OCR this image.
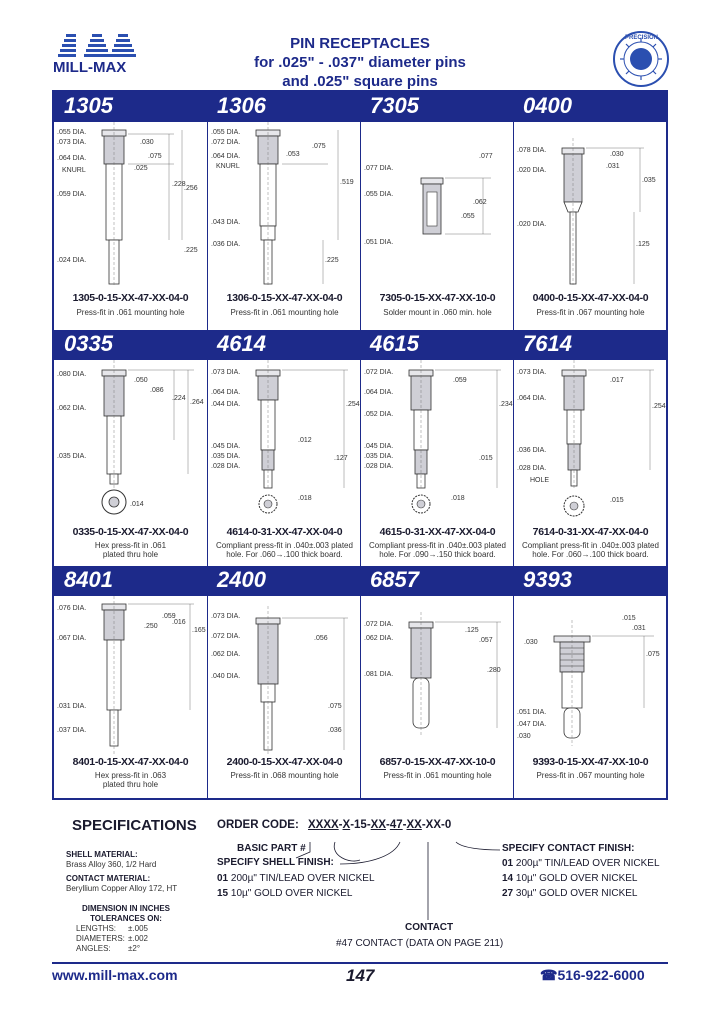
MILL-MAX
PIN RECEPTACLES
for .025" - .037" diameter pins
and .025" square pins
PRECISION
1305	1306	7305	0400
.055 DIA.
.073 DIA.
.064 DIA.
KNURL
.059 DIA.
.024 DIA.
.030
.025
.075
.228
.256
.225
1305-0-15-XX-47-XX-04-0
Press-fit in .061 mounting hole
.055 DIA.
.072 DIA.
.064 DIA.
KNURL
.053
.075
.519
.043 DIA.
.036 DIA.
.225
1306-0-15-XX-47-XX-04-0
Press-fit in .061 mounting hole
.077
.077 DIA.
.062
.055 DIA.
.051 DIA.
.055
7305-0-15-XX-47-XX-10-0
Solder mount in .060 min. hole
.078 DIA.
.020 DIA.
.030
.031
.035
.020 DIA.
.125
0400-0-15-XX-47-XX-04-0
Press-fit in .067 mounting hole
0335	4614	4615	7614
.080 DIA.
.062 DIA.
.035 DIA.
.050
.086
.224
.264
.014
0335-0-15-XX-47-XX-04-0
Hex press-fit in .061
plated thru hole
.073 DIA.
.064 DIA.
.044 DIA.
.045 DIA.
.035 DIA.
.028 DIA.
.254
.012
.127
.018
4614-0-31-XX-47-XX-04-0
Compliant press-fit in .040±.003 plated
hole. For .060→.100 thick board.
.072 DIA.
.064 DIA.
.052 DIA.
.045 DIA.
.035 DIA.
.028 DIA.
.059
.234
.015
.018
4615-0-31-XX-47-XX-04-0
Compliant press-fit in .040±.003 plated
hole. For .090→.150 thick board.
.073 DIA.
.064 DIA.
.036 DIA.
.028 DIA.
HOLE
.017
.254
.015
7614-0-31-XX-47-XX-04-0
Compliant press-fit in .040±.003 plated
hole. For .060→.100 thick board.
8401	2400	6857	9393
.076 DIA.
.067 DIA.
.031 DIA.
.037 DIA.
.059
.250
.165
.016
8401-0-15-XX-47-XX-04-0
Hex press-fit in .063
plated thru hole
.073 DIA.
.072 DIA.
.062 DIA.
.040 DIA.
.056
.075
.036
2400-0-15-XX-47-XX-04-0
Press-fit in .068 mounting hole
.072 DIA.
.062 DIA.
.081 DIA.
.125
.057
.280
6857-0-15-XX-47-XX-10-0
Press-fit in .061 mounting hole
.015
.031
.075
.030
.051 DIA.
.047 DIA.
.030
9393-0-15-XX-47-XX-10-0
Press-fit in .067 mounting hole
SPECIFICATIONS
SHELL MATERIAL:
Brass Alloy 360, 1/2 Hard
CONTACT MATERIAL:
Beryllium Copper Alloy 172, HT
DIMENSION IN INCHES
TOLERANCES ON:
LENGTHS: ±.005
DIAMETERS: ±.002
ANGLES: ±2°
ORDER CODE: XXXX-X-15-XX-47-XX-XX-0
BASIC PART #
SPECIFY SHELL FINISH:
01 200µ" TIN/LEAD OVER NICKEL
15 10µ" GOLD OVER NICKEL
SPECIFY CONTACT FINISH:
01 200µ" TIN/LEAD OVER NICKEL
14 10µ" GOLD OVER NICKEL
27 30µ" GOLD OVER NICKEL
CONTACT
#47 CONTACT (DATA ON PAGE 211)
www.mill-max.com	147	☎516-922-6000
